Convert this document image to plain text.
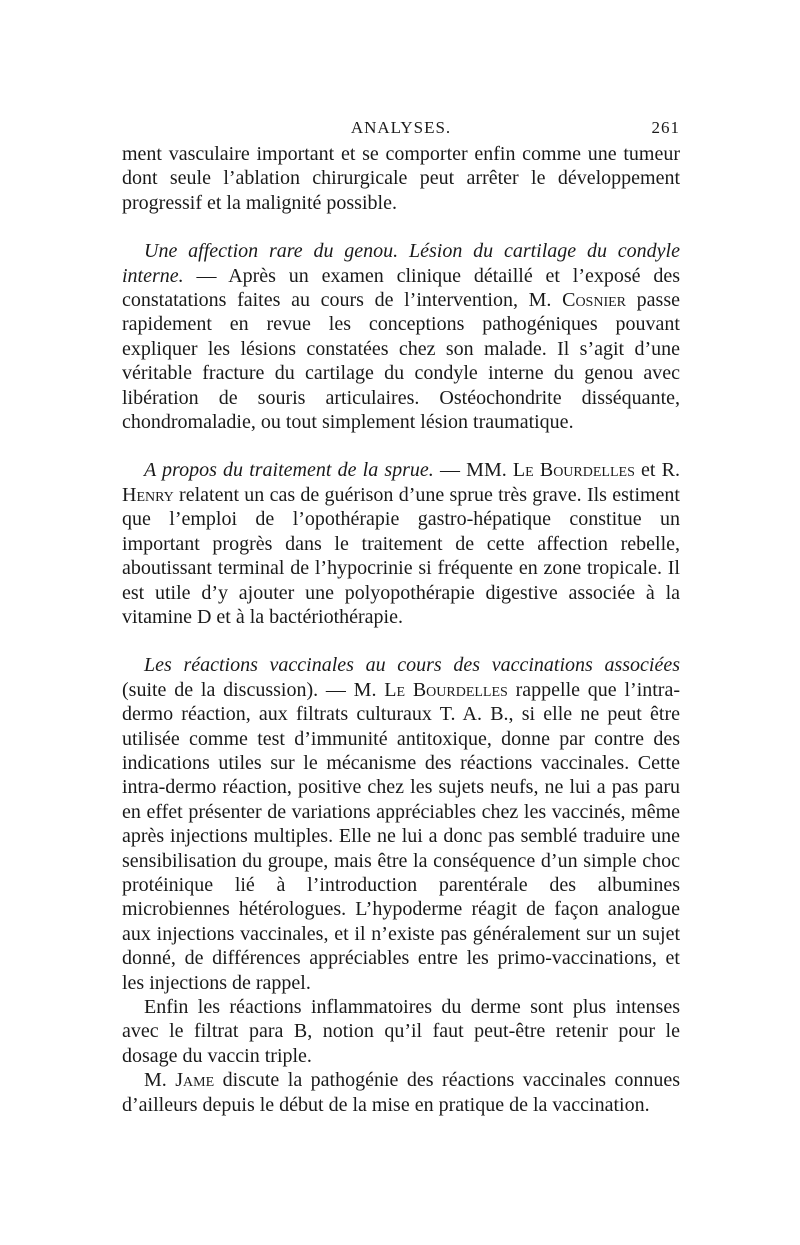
ANALYSES.	261

ment vasculaire important et se comporter enfin comme une tumeur dont seule l’ablation chirurgicale peut arrêter le développement progressif et la malignité possible.

Une affection rare du genou. Lésion du cartilage du condyle interne. — Après un examen clinique détaillé et l’exposé des constatations faites au cours de l’intervention, M. Cosnier passe rapidement en revue les conceptions pathogéniques pouvant expliquer les lésions constatées chez son malade. Il s’agit d’une véritable fracture du cartilage du condyle interne du genou avec libération de souris articulaires. Ostéochondrite disséquante, chondromaladie, ou tout simplement lésion traumatique.

A propos du traitement de la sprue. — MM. Le Bourdelles et R. Henry relatent un cas de guérison d’une sprue très grave. Ils estiment que l’emploi de l’opothérapie gastro-hépatique constitue un important progrès dans le traitement de cette affection rebelle, aboutissant terminal de l’hypocrinie si fréquente en zone tropicale. Il est utile d’y ajouter une polyopothérapie digestive associée à la vitamine D et à la bactériothérapie.

Les réactions vaccinales au cours des vaccinations associées (suite de la discussion). — M. Le Bourdelles rappelle que l’intra-dermo réaction, aux filtrats culturaux T. A. B., si elle ne peut être utilisée comme test d’immunité antitoxique, donne par contre des indications utiles sur le mécanisme des réactions vaccinales. Cette intra-dermo réaction, positive chez les sujets neufs, ne lui a pas paru en effet présenter de variations appréciables chez les vaccinés, même après injections multiples. Elle ne lui a donc pas semblé traduire une sensibilisation du groupe, mais être la conséquence d’un simple choc protéinique lié à l’introduction parentérale des albumines microbiennes hétérologues. L’hypoderme réagit de façon analogue aux injections vaccinales, et il n’existe pas généralement sur un sujet donné, de différences appréciables entre les primo-vaccinations, et les injections de rappel.

Enfin les réactions inflammatoires du derme sont plus intenses avec le filtrat para B, notion qu’il faut peut-être retenir pour le dosage du vaccin triple.

M. Jame discute la pathogénie des réactions vaccinales connues d’ailleurs depuis le début de la mise en pratique de la vaccination.
